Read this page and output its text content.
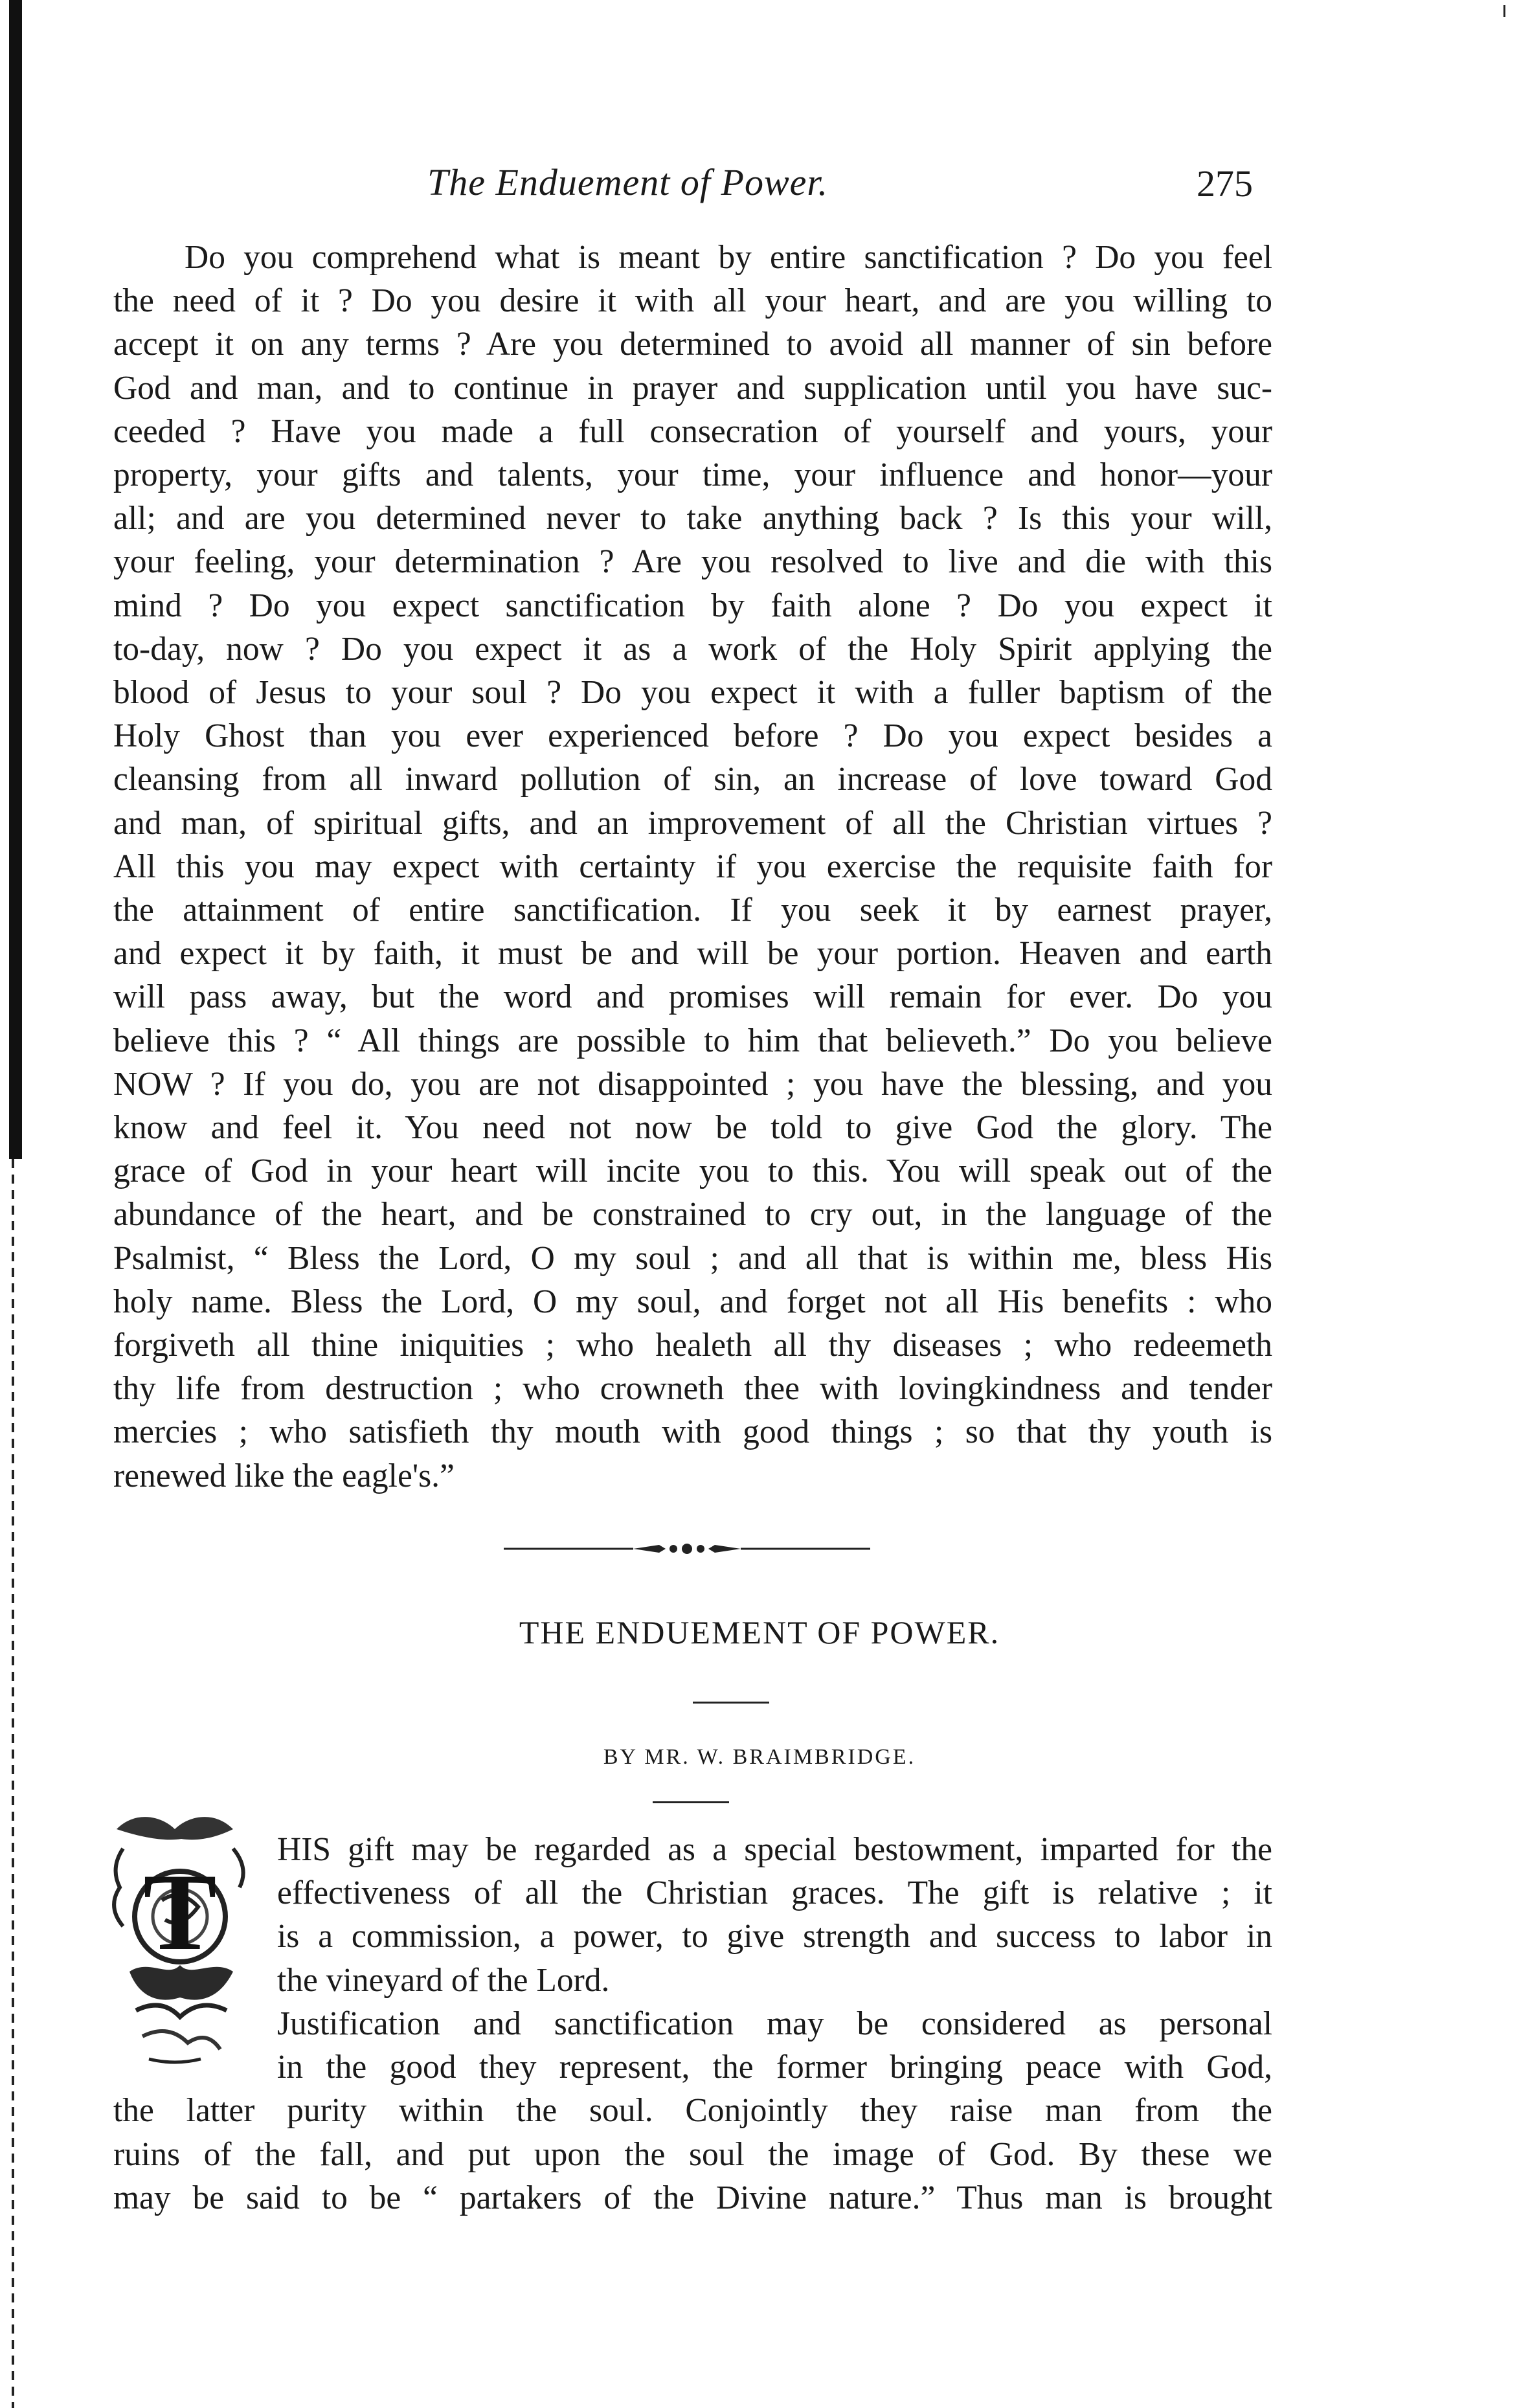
The Enduement of Power.	275
Do you comprehend what is meant by entire sanctification ? Do you feel
the need of it ? Do you desire it with all your heart, and are you willing to
accept it on any terms ? Are you determined to avoid all manner of sin before
God and man, and to continue in prayer and supplication until you have suc-
ceeded ? Have you made a full consecration of yourself and yours, your
property, your gifts and talents, your time, your influence and honor—your
all; and are you determined never to take anything back ? Is this your will,
your feeling, your determination ? Are you resolved to live and die with this
mind ? Do you expect sanctification by faith alone ? Do you expect it
to-day, now ? Do you expect it as a work of the Holy Spirit applying the
blood of Jesus to your soul ? Do you expect it with a fuller baptism of the
Holy Ghost than you ever experienced before ? Do you expect besides a
cleansing from all inward pollution of sin, an increase of love toward God
and man, of spiritual gifts, and an improvement of all the Christian virtues ?
All this you may expect with certainty if you exercise the requisite faith for
the attainment of entire sanctification. If you seek it by earnest prayer,
and expect it by faith, it must be and will be your portion. Heaven and earth
will pass away, but the word and promises will remain for ever. Do you
believe this ? “ All things are possible to him that believeth.” Do you believe
NOW ? If you do, you are not disappointed ; you have the blessing, and you
know and feel it. You need not now be told to give God the glory. The
grace of God in your heart will incite you to this. You will speak out of the
abundance of the heart, and be constrained to cry out, in the language of the
Psalmist, “ Bless the Lord, O my soul ; and all that is within me, bless His
holy name. Bless the Lord, O my soul, and forget not all His benefits : who
forgiveth all thine iniquities ; who healeth all thy diseases ; who redeemeth
thy life from destruction ; who crowneth thee with lovingkindness and tender
mercies ; who satisfieth thy mouth with good things ; so that thy youth is
renewed like the eagle's.”
THE ENDUEMENT OF POWER.
BY MR. W. BRAIMBRIDGE.
T
HIS gift may be regarded as a special bestowment, imparted for the
effectiveness of all the Christian graces. The gift is relative ; it
is a commission, a power, to give strength and success to labor in
the vineyard of the Lord.
Justification and sanctification may be considered as personal
in the good they represent, the former bringing peace with God,
the latter purity within the soul. Conjointly they raise man from the
ruins of the fall, and put upon the soul the image of God. By these we
may be said to be “ partakers of the Divine nature.” Thus man is brought
